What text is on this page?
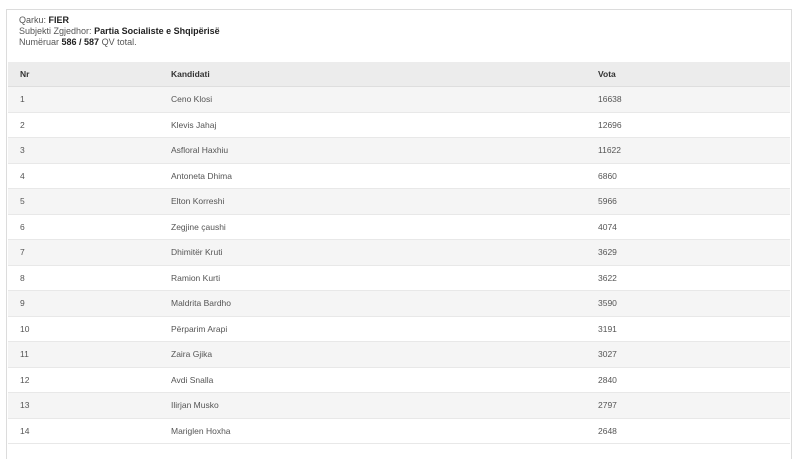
Qarku: FIER
Subjekti Zgjedhor: Partia Socialiste e Shqipërisë
Numëruar 586 / 587 QV total.
Nr	Kandidati	Vota
1	Ceno Klosi	16638
2	Klevis Jahaj	12696
3	Asfloral Haxhiu	11622
4	Antoneta Dhima	6860
5	Elton Korreshi	5966
6	Zegjine çaushi	4074
7	Dhimitër Kruti	3629
8	Ramion Kurti	3622
9	Maldrita Bardho	3590
10	Përparim Arapi	3191
11	Zaira Gjika	3027
12	Avdi Snalla	2840
13	Ilirjan Musko	2797
14	Mariglen Hoxha	2648
